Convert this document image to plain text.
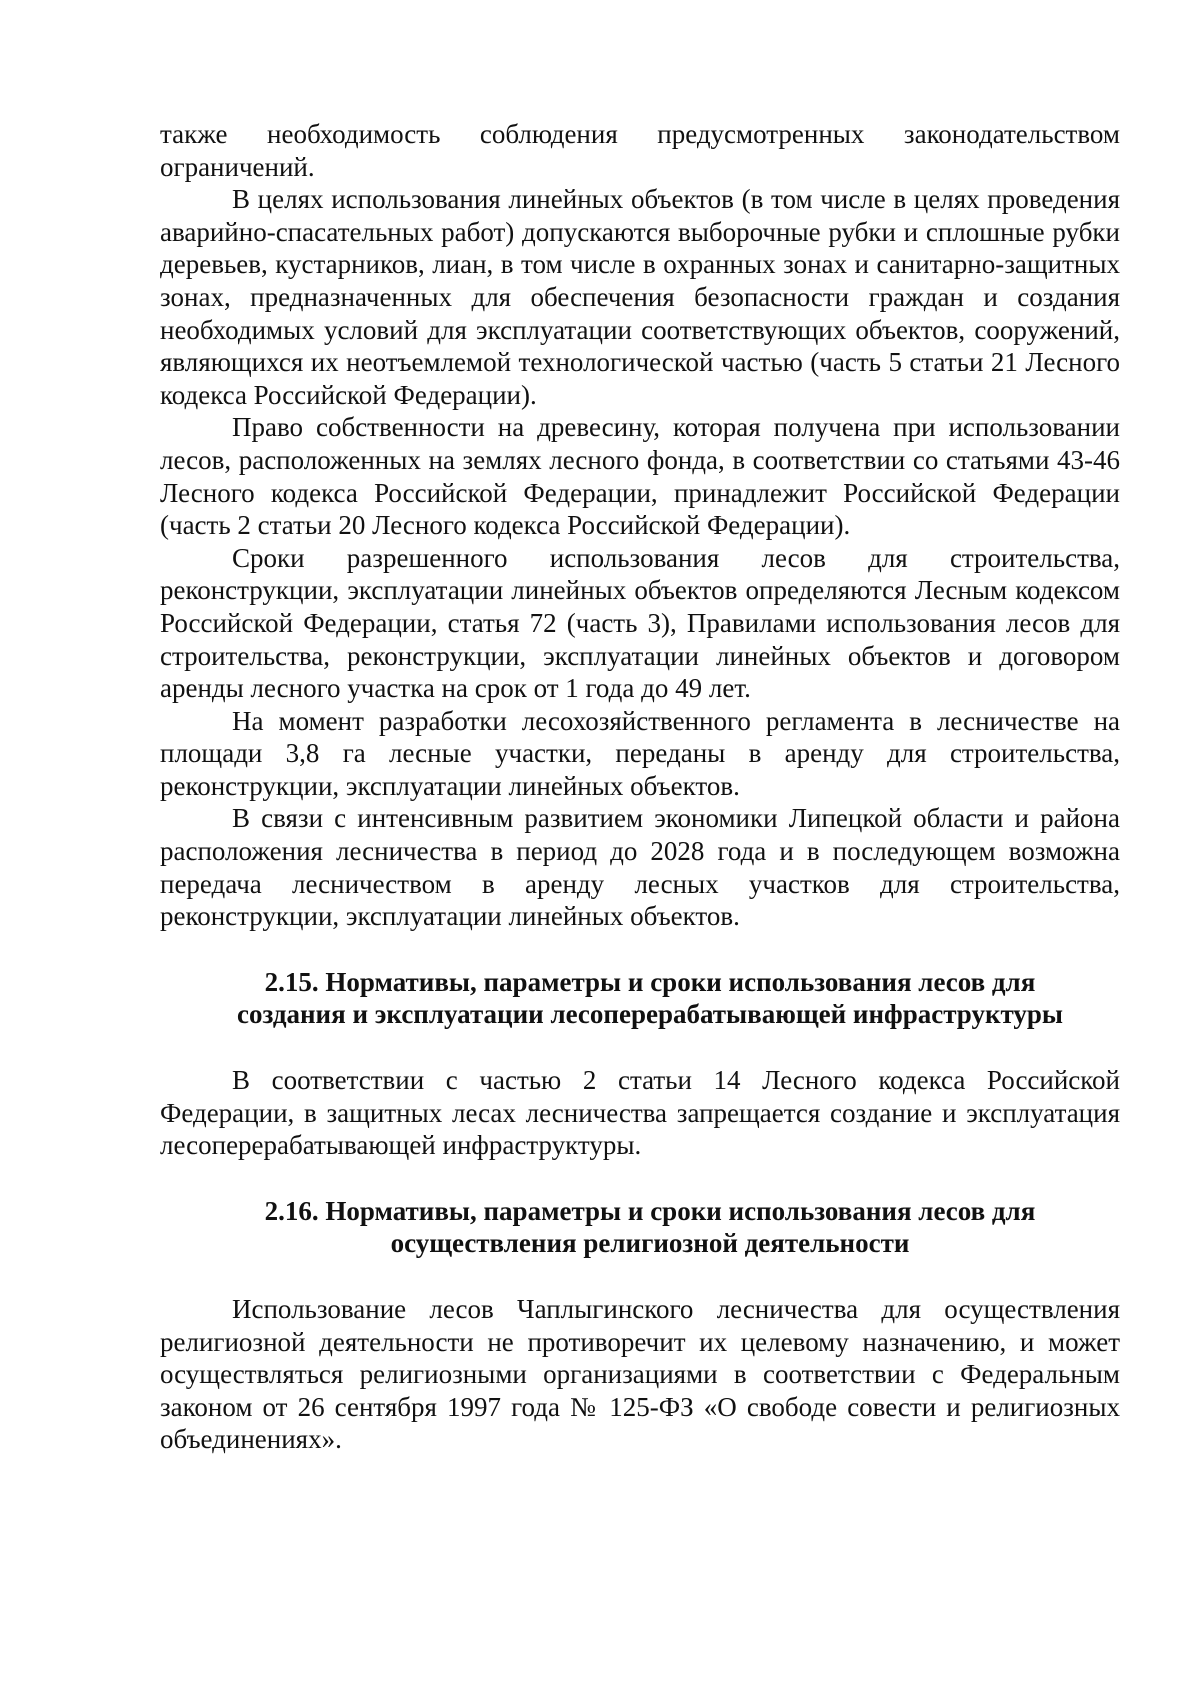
также необходимость соблюдения предусмотренных законодательством ограничений.

В целях использования линейных объектов (в том числе в целях проведения аварийно-спасательных работ) допускаются выборочные рубки и сплошные рубки деревьев, кустарников, лиан, в том числе в охранных зонах и санитарно-защитных зонах, предназначенных для обеспечения безопасности граждан и создания необходимых условий для эксплуатации соответствующих объектов, сооружений, являющихся их неотъемлемой технологической частью (часть 5 статьи 21 Лесного кодекса Российской Федерации).

Право собственности на древесину, которая получена при использовании лесов, расположенных на землях лесного фонда, в соответствии со статьями 43-46 Лесного кодекса Российской Федерации, принадлежит Российской Федерации (часть 2 статьи 20 Лесного кодекса Российской Федерации).

Сроки разрешенного использования лесов для строительства, реконструкции, эксплуатации линейных объектов определяются Лесным кодексом Российской Федерации, статья 72 (часть 3), Правилами использования лесов для строительства, реконструкции, эксплуатации линейных объектов и договором аренды лесного участка на срок от 1 года до 49 лет.

На момент разработки лесохозяйственного регламента в лесничестве на площади 3,8 га лесные участки, переданы в аренду для строительства, реконструкции, эксплуатации линейных объектов.

В связи с интенсивным развитием экономики Липецкой области и района расположения лесничества в период до 2028 года и в последующем возможна передача лесничеством в аренду лесных участков для строительства, реконструкции, эксплуатации линейных объектов.

2.15. Нормативы, параметры и сроки использования лесов для
создания и эксплуатации лесоперерабатывающей инфраструктуры

В соответствии с частью 2 статьи 14 Лесного кодекса Российской Федерации, в защитных лесах лесничества запрещается создание и эксплуатация лесоперерабатывающей инфраструктуры.

2.16. Нормативы, параметры и сроки использования лесов для
осуществления религиозной деятельности

Использование лесов Чаплыгинского лесничества для осуществления религиозной деятельности не противоречит их целевому назначению, и может осуществляться религиозными организациями в соответствии с Федеральным законом от 26 сентября 1997 года № 125-ФЗ «О свободе совести и религиозных объединениях».
